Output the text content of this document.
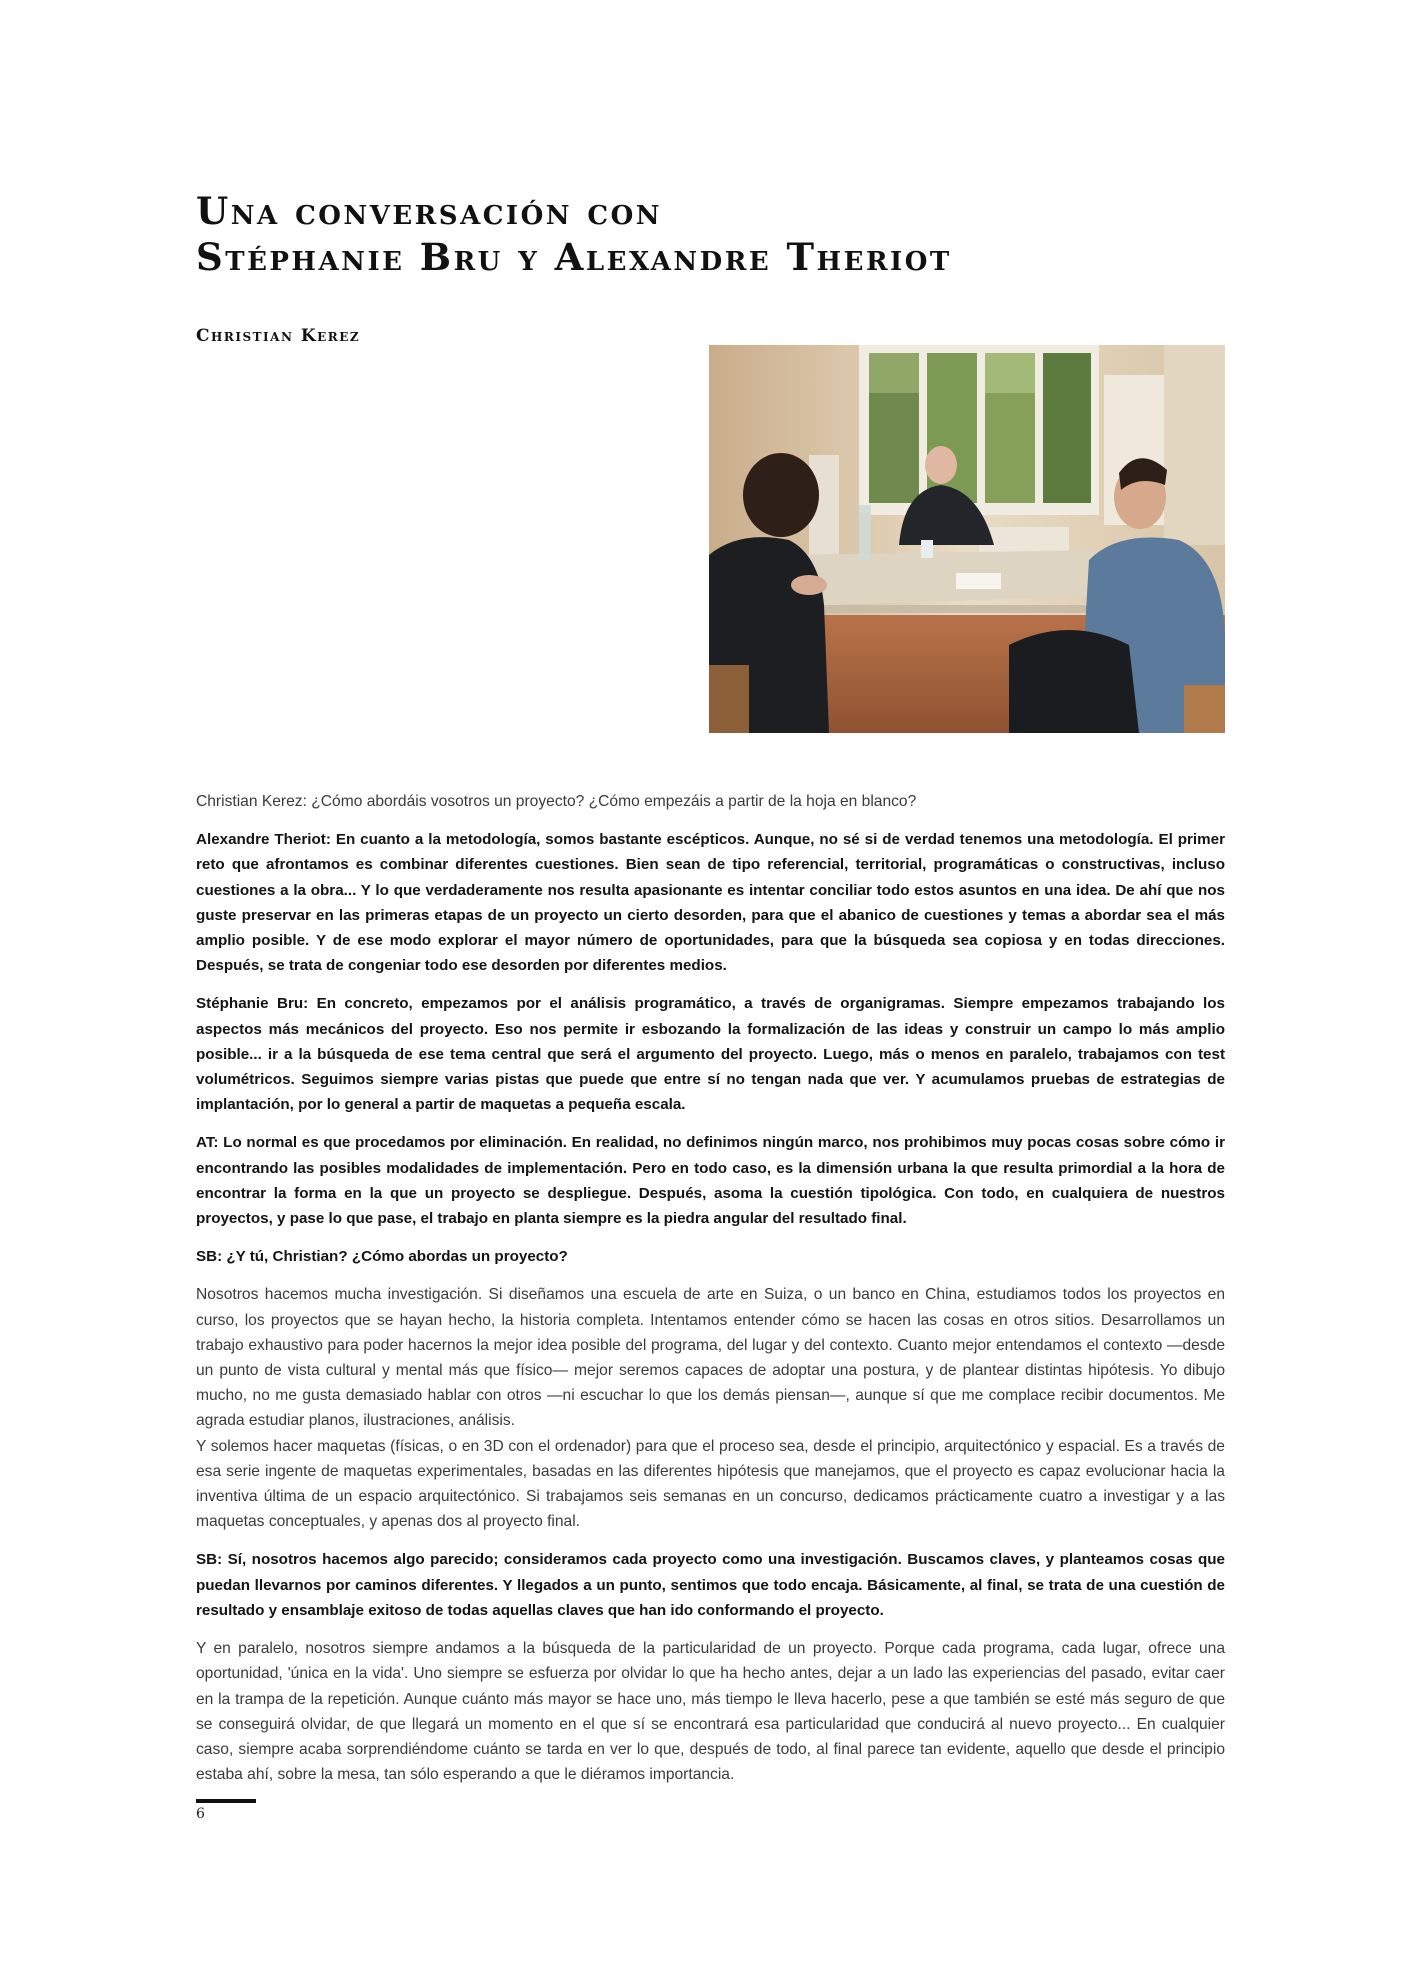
Una conversación con
Stéphanie Bru y Alexandre Theriot
Christian Kerez

Christian Kerez: ¿Cómo abordáis vosotros un proyecto? ¿Cómo empezáis a partir de la hoja en blanco?

Alexandre Theriot: En cuanto a la metodología, somos bastante escépticos. Aunque, no sé si de verdad tenemos una metodología. El primer reto que afrontamos es combinar diferentes cuestiones. Bien sean de tipo referencial, territorial, programáticas o constructivas, incluso cuestiones a la obra... Y lo que verdaderamente nos resulta apasionante es intentar conciliar todo estos asuntos en una idea. De ahí que nos guste preservar en las primeras etapas de un proyecto un cierto desorden, para que el abanico de cuestiones y temas a abordar sea el más amplio posible. Y de ese modo explorar el mayor número de oportunidades, para que la búsqueda sea copiosa y en todas direcciones. Después, se trata de congeniar todo ese desorden por diferentes medios.

Stéphanie Bru: En concreto, empezamos por el análisis programático, a través de organigramas. Siempre empezamos trabajando los aspectos más mecánicos del proyecto. Eso nos permite ir esbozando la formalización de las ideas y construir un campo lo más amplio posible... ir a la búsqueda de ese tema central que será el argumento del proyecto. Luego, más o menos en paralelo, trabajamos con test volumétricos. Seguimos siempre varias pistas que puede que entre sí no tengan nada que ver. Y acumulamos pruebas de estrategias de implantación, por lo general a partir de maquetas a pequeña escala.

AT: Lo normal es que procedamos por eliminación. En realidad, no definimos ningún marco, nos prohibimos muy pocas cosas sobre cómo ir encontrando las posibles modalidades de implementación. Pero en todo caso, es la dimensión urbana la que resulta primordial a la hora de encontrar la forma en la que un proyecto se despliegue. Después, asoma la cuestión tipológica. Con todo, en cualquiera de nuestros proyectos, y pase lo que pase, el trabajo en planta siempre es la piedra angular del resultado final.

SB: ¿Y tú, Christian? ¿Cómo abordas un proyecto?

Nosotros hacemos mucha investigación. Si diseñamos una escuela de arte en Suiza, o un banco en China, estudiamos todos los proyectos en curso, los proyectos que se hayan hecho, la historia completa. Intentamos entender cómo se hacen las cosas en otros sitios. Desarrollamos un trabajo exhaustivo para poder hacernos la mejor idea posible del programa, del lugar y del contexto. Cuanto mejor entendamos el contexto —desde un punto de vista cultural y mental más que físico— mejor seremos capaces de adoptar una postura, y de plantear distintas hipótesis. Yo dibujo mucho, no me gusta demasiado hablar con otros —ni escuchar lo que los demás piensan—, aunque sí que me complace recibir documentos. Me agrada estudiar planos, ilustraciones, análisis.

Y solemos hacer maquetas (físicas, o en 3D con el ordenador) para que el proceso sea, desde el principio, arquitectónico y espacial. Es a través de esa serie ingente de maquetas experimentales, basadas en las diferentes hipótesis que manejamos, que el proyecto es capaz evolucionar hacia la inventiva última de un espacio arquitectónico. Si trabajamos seis semanas en un concurso, dedicamos prácticamente cuatro a investigar y a las maquetas conceptuales, y apenas dos al proyecto final.

SB: Sí, nosotros hacemos algo parecido; consideramos cada proyecto como una investigación. Buscamos claves, y planteamos cosas que puedan llevarnos por caminos diferentes. Y llegados a un punto, sentimos que todo encaja. Básicamente, al final, se trata de una cuestión de resultado y ensamblaje exitoso de todas aquellas claves que han ido conformando el proyecto.

Y en paralelo, nosotros siempre andamos a la búsqueda de la particularidad de un proyecto. Porque cada programa, cada lugar, ofrece una oportunidad, 'única en la vida'. Uno siempre se esfuerza por olvidar lo que ha hecho antes, dejar a un lado las experiencias del pasado, evitar caer en la trampa de la repetición. Aunque cuánto más mayor se hace uno, más tiempo le lleva hacerlo, pese a que también se esté más seguro de que se conseguirá olvidar, de que llegará un momento en el que sí se encontrará esa particularidad que conducirá al nuevo proyecto... En cualquier caso, siempre acaba sorprendiéndome cuánto se tarda en ver lo que, después de todo, al final parece tan evidente, aquello que desde el principio estaba ahí, sobre la mesa, tan sólo esperando a que le diéramos importancia.

6
